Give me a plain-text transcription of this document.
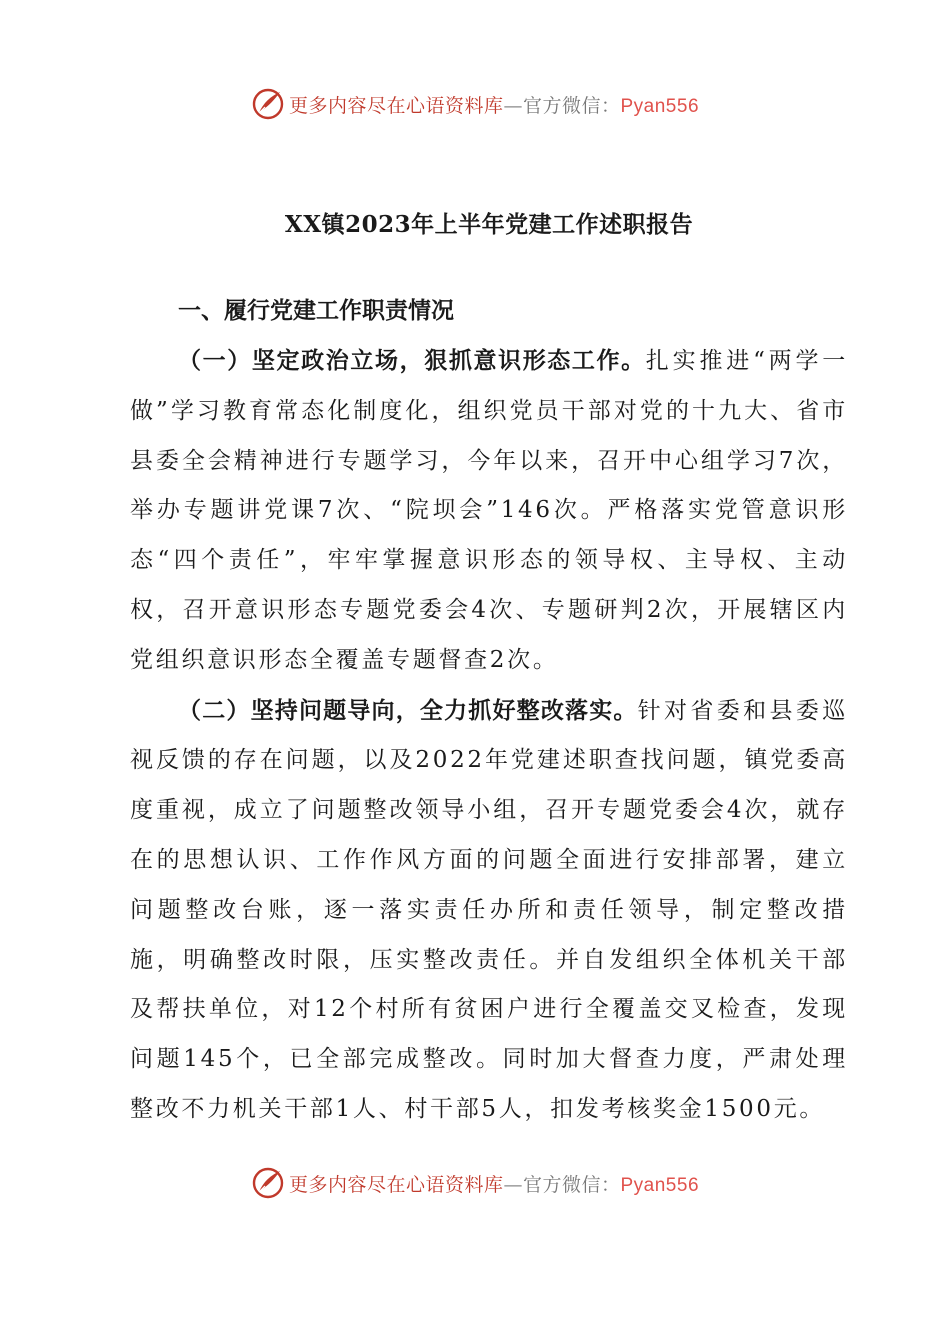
更多内容尽在心语资料库—官方微信：Pyan556
XX镇2023年上半年党建工作述职报告
一、履行党建工作职责情况

（一）坚定政治立场，狠抓意识形态工作。扎实推进“两学一做”学习教育常态化制度化，组织党员干部对党的十九大、省市县委全会精神进行专题学习，今年以来，召开中心组学习7次，举办专题讲党课7次、“院坝会”146次。严格落实党管意识形态“四个责任”，牢牢掌握意识形态的领导权、主导权、主动权，召开意识形态专题党委会4次、专题研判2次，开展辖区内党组织意识形态全覆盖专题督查2次。

（二）坚持问题导向，全力抓好整改落实。针对省委和县委巡视反馈的存在问题，以及2022年党建述职查找问题，镇党委高度重视，成立了问题整改领导小组，召开专题党委会4次，就存在的思想认识、工作作风方面的问题全面进行安排部署，建立问题整改台账，逐一落实责任办所和责任领导，制定整改措施，明确整改时限，压实整改责任。并自发组织全体机关干部及帮扶单位，对12个村所有贫困户进行全覆盖交叉检查，发现问题145个，已全部完成整改。同时加大督查力度，严肃处理整改不力机关干部1人、村干部5人，扣发考核奖金1500元。

更多内容尽在心语资料库—官方微信：Pyan556
